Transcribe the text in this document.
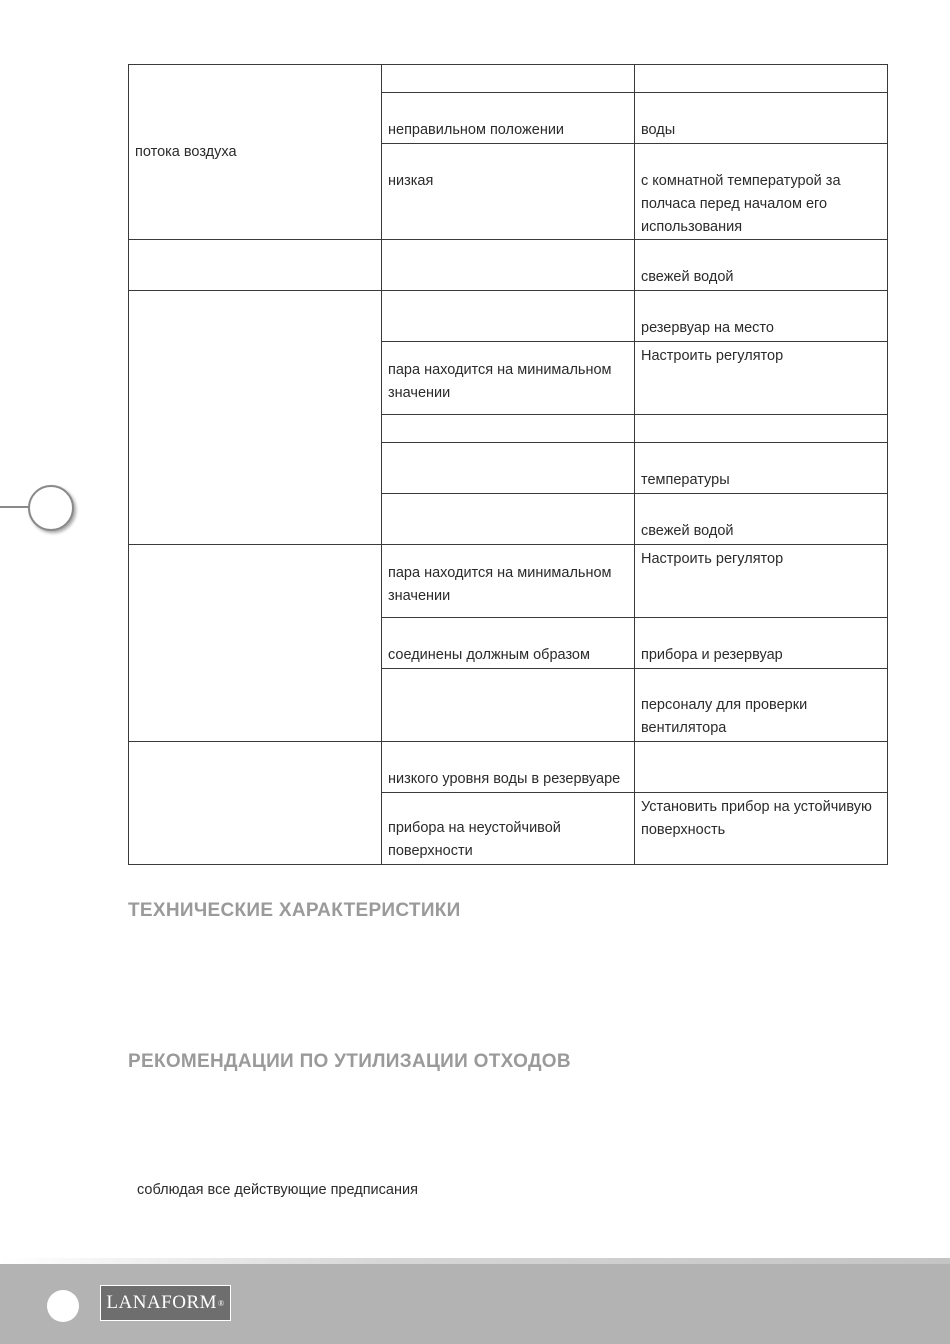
потока воздуха		
	неправильном положении	воды
	низкая	с комнатной температурой за полчаса перед началом его использования
		свежей водой
		резервуар на место
	пара находится на минимальном значении	Настроить регулятор

		температуры
		свежей водой
	пара находится на минимальном значении	Настроить регулятор
	соединены должным образом	прибора и резервуар
		персоналу для проверки вентилятора
	низкого уровня воды в резервуаре	
	прибора на неустойчивой поверхности	Установить прибор на устойчивую поверхность
ТЕХНИЧЕСКИЕ ХАРАКТЕРИСТИКИ
РЕКОМЕНДАЦИИ ПО УТИЛИЗАЦИИ ОТХОДОВ
соблюдая все действующие предписания
LANAFORM ®
